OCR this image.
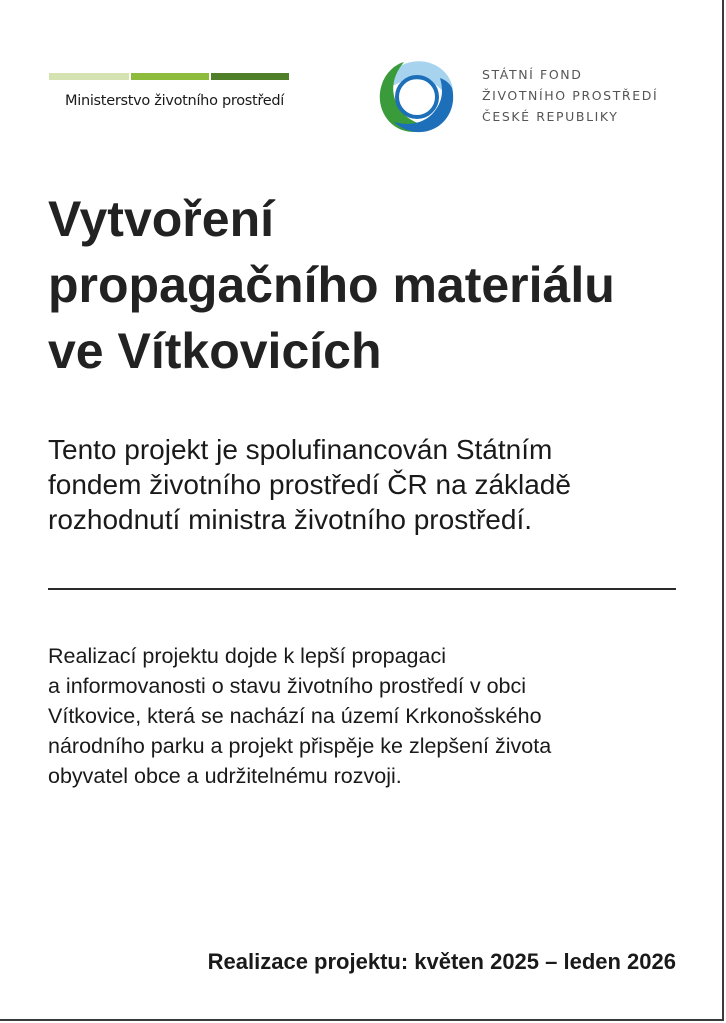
Ministerstvo životního prostředí
STÁTNÍ FOND
ŽIVOTNÍHO PROSTŘEDÍ
ČESKÉ REPUBLIKY
Vytvoření
propagačního materiálu
ve Vítkovicích

Tento projekt je spolufinancován Státním
fondem životního prostředí ČR na základě
rozhodnutí ministra životního prostředí.

Realizací projektu dojde k lepší propagaci
a informovanosti o stavu životního prostředí v obci
Vítkovice, která se nachází na území Krkonošského
národního parku a projekt přispěje ke zlepšení života
obyvatel obce a udržitelnému rozvoji.

Realizace projektu: květen 2025 – leden 2026
